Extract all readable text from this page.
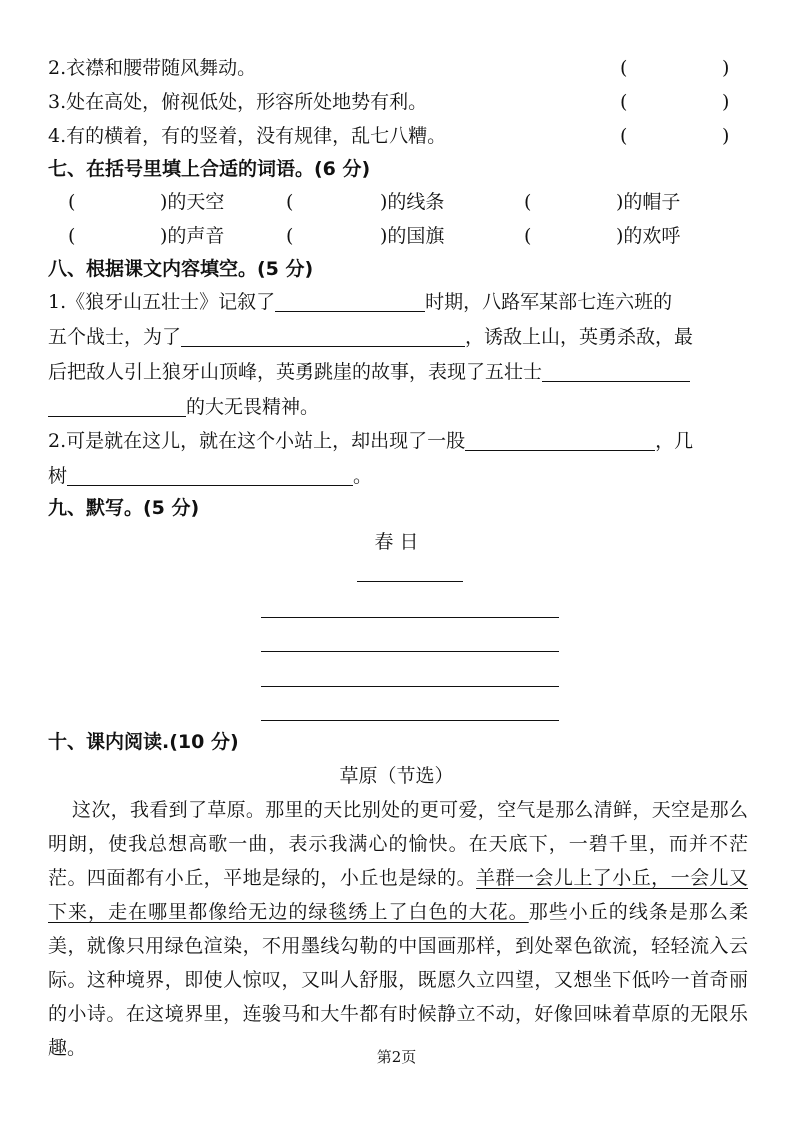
2.衣襟和腰带随风舞动。	(	)
3.处在高处，俯视低处，形容所处地势有利。	(	)
4.有的横着，有的竖着，没有规律，乱七八糟。	(	)
七、在括号里填上合适的词语。(6 分)
(	)的天空	(	)的线条	(	)的帽子
(	)的声音	(	)的国旗	(	)的欢呼
八、根据课文内容填空。(5 分)
1.《狼牙山五壮士》记叙了	时期，八路军某部七连六班的
五个战士，为了	，诱敌上山，英勇杀敌，最
后把敌人引上狼牙山顶峰，英勇跳崖的故事，表现了五壮士
的大无畏精神。
2.可是就在这儿，就在这个小站上，却出现了一股	，几
树	。
九、默写。(5 分)
春 日
十、课内阅读.(10 分)
草原（节选）
这次，我看到了草原。那里的天比别处的更可爱，空气是那么清鲜，天空是那么明朗，使我总想高歌一曲，表示我满心的愉快。在天底下，一碧千里，而并不茫茫。四面都有小丘，平地是绿的，小丘也是绿的。羊群一会儿上了小丘，一会儿又下来，走在哪里都像给无边的绿毯绣上了白色的大花。那些小丘的线条是那么柔美，就像只用绿色渲染，不用墨线勾勒的中国画那样，到处翠色欲流，轻轻流入云际。这种境界，即使人惊叹，又叫人舒服，既愿久立四望，又想坐下低吟一首奇丽的小诗。在这境界里，连骏马和大牛都有时候静立不动，好像回味着草原的无限乐趣。	第2页
